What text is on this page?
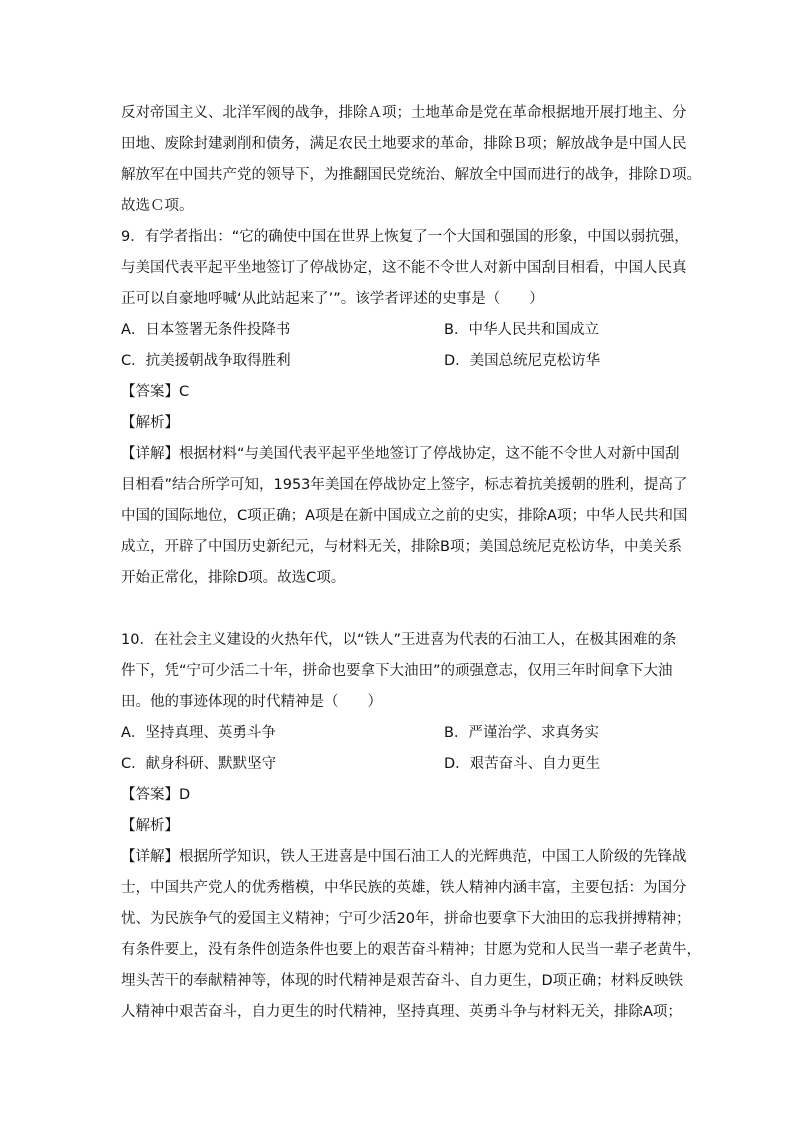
反对帝国主义、北洋军阀的战争，排除Ａ项；土地革命是党在革命根据地开展打地主、分
田地、废除封建剥削和债务，满足农民土地要求的革命，排除Ｂ项；解放战争是中国人民
解放军在中国共产党的领导下，为推翻国民党统治、解放全中国而进行的战争，排除Ｄ项。
故选Ｃ项。
9．有学者指出：“它的确使中国在世界上恢复了一个大国和强国的形象，中国以弱抗强，
与美国代表平起平坐地签订了停战协定，这不能不令世人对新中国刮目相看，中国人民真
正可以自豪地呼喊‘从此站起来了’”。该学者评述的史事是（　　）
A．日本签署无条件投降书	B．中华人民共和国成立
C．抗美援朝战争取得胜利	D．美国总统尼克松访华
【答案】C
【解析】
【详解】根据材料“与美国代表平起平坐地签订了停战协定，这不能不令世人对新中国刮
目相看”结合所学可知，1953年美国在停战协定上签字，标志着抗美援朝的胜利，提高了
中国的国际地位，C项正确；A项是在新中国成立之前的史实，排除A项；中华人民共和国
成立，开辟了中国历史新纪元，与材料无关，排除B项；美国总统尼克松访华，中美关系
开始正常化，排除D项。故选C项。
10．在社会主义建设的火热年代，以“铁人”王进喜为代表的石油工人，在极其困难的条
件下，凭“宁可少活二十年，拼命也要拿下大油田”的顽强意志，仅用三年时间拿下大油
田。他的事迹体现的时代精神是（　　）
A．坚持真理、英勇斗争	B．严谨治学、求真务实
C．献身科研、默默坚守	D．艰苦奋斗、自力更生
【答案】D
【解析】
【详解】根据所学知识，铁人王进喜是中国石油工人的光辉典范，中国工人阶级的先锋战
士，中国共产党人的优秀楷模，中华民族的英雄，铁人精神内涵丰富，主要包括：为国分
忧、为民族争气的爱国主义精神；宁可少活20年，拼命也要拿下大油田的忘我拼搏精神；
有条件要上，没有条件创造条件也要上的艰苦奋斗精神；甘愿为党和人民当一辈子老黄牛，
埋头苦干的奉献精神等，体现的时代精神是艰苦奋斗、自力更生，D项正确；材料反映铁
人精神中艰苦奋斗，自力更生的时代精神，坚持真理、英勇斗争与材料无关，排除A项；
